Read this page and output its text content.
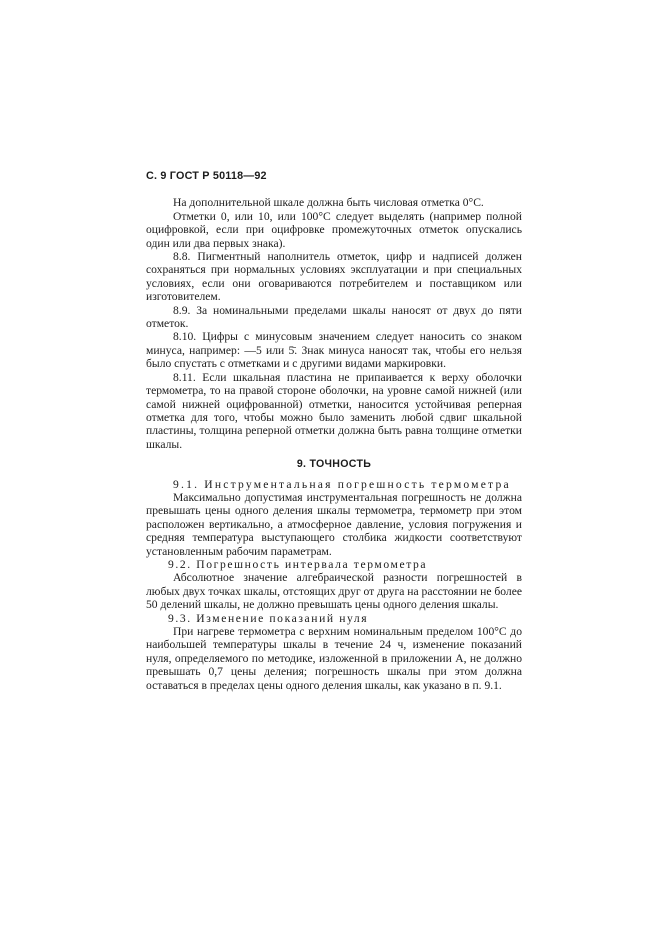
С. 9 ГОСТ Р 50118—92

На дополнительной шкале должна быть числовая отметка 0°С.

Отметки 0, или 10, или 100°С следует выделять (например полной оцифровкой, если при оцифровке промежуточных отметок опускались один или два первых знака).

8.8. Пигментный наполнитель отметок, цифр и надписей должен сохраняться при нормальных условиях эксплуатации и при специальных условиях, если они оговариваются потребителем и поставщиком или изготовителем.

8.9. За номинальными пределами шкалы наносят от двух до пяти отметок.

8.10. Цифры с минусовым значением следует наносить со знаком минуса, например: —5 или 5̄. Знак минуса наносят так, чтобы его нельзя было спустать с отметками и с другими видами маркировки.

8.11. Если шкальная пластина не припаивается к верху оболочки термометра, то на правой стороне оболочки, на уровне самой нижней (или самой нижней оцифрованной) отметки, наносится устойчивая реперная отметка для того, чтобы можно было заменить любой сдвиг шкальной пластины, толщина реперной отметки должна быть равна толщине отметки шкалы.

9. ТОЧНОСТЬ

9.1. Инструментальная погрешность термометра

Максимально допустимая инструментальная погрешность не должна превышать цены одного деления шкалы термометра, термометр при этом расположен вертикально, а атмосферное давление, условия погружения и средняя температура выступающего столбика жидкости соответствуют установленным рабочим параметрам.

9.2. Погрешность интервала термометра

Абсолютное значение алгебраической разности погрешностей в любых двух точках шкалы, отстоящих друг от друга на расстоянии не более 50 делений шкалы, не должно превышать цены одного деления шкалы.

9.3. Изменение показаний нуля

При нагреве термометра с верхним номинальным пределом 100°С до наибольшей температуры шкалы в течение 24 ч, изменение показаний нуля, определяемого по методике, изложенной в приложении А, не должно превышать 0,7 цены деления; погрешность шкалы при этом должна оставаться в пределах цены одного деления шкалы, как указано в п. 9.1.
